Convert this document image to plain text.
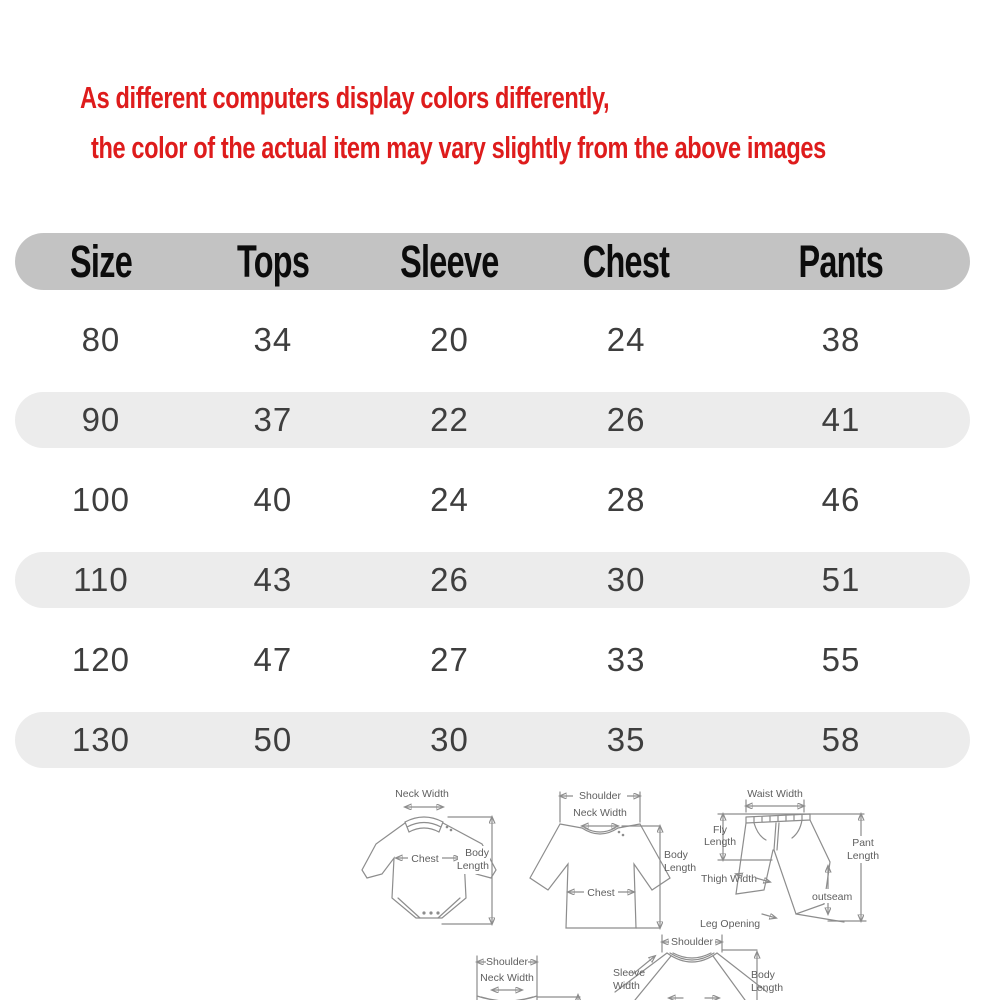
As different computers display colors differently,
the color of the actual item may vary slightly from the above images
Size	Tops	Sleeve	Chest	Pants
80	34	20	24	38
90	37	22	26	41
100	40	24	28	46
110	43	26	30	51
120	47	27	33	55
130	50	30	35	58
Neck Width
Chest	Body
Length
Shoulder
Neck Width
Chest
Body
Length
Waist Width
Fly
Length	Pant
Length
Thigh Width
outseam
Leg Opening
Shoulder
Neck Width
Shoulder
Sleeve
Width
Body
Length
